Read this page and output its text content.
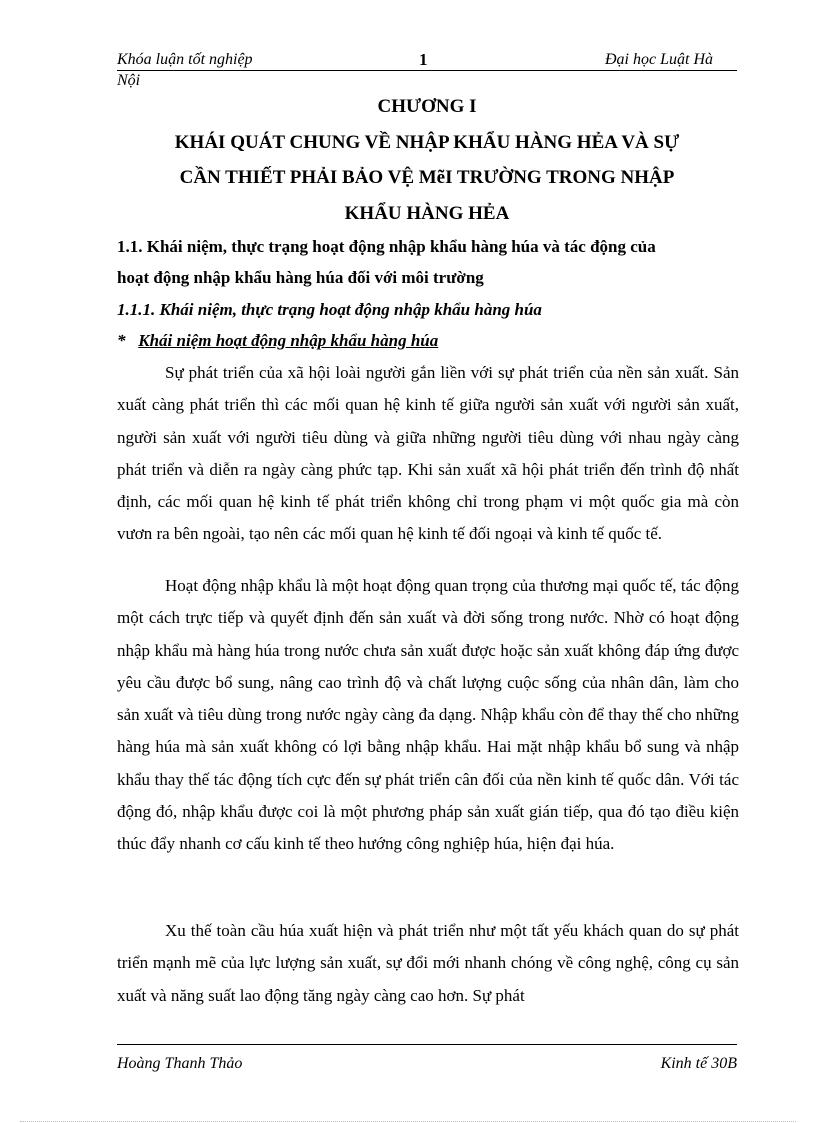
Khóa luận tốt nghiệp	1	Đại học Luật Hà
Nội
CHƯƠNG I
KHÁI QUÁT CHUNG VỀ NHẬP KHẨU HÀNG HẺA VÀ SỰ
CẦN THIẾT PHẢI BẢO VỆ MẽI TRƯỜNG TRONG NHẬP
KHẨU HÀNG HẺA
1.1. Khái niệm, thực trạng hoạt động nhập khẩu hàng húa và tác động của
hoạt động nhập khẩu hàng húa đối với môi trường
1.1.1. Khái niệm, thực trạng hoạt động nhập khẩu hàng húa
* Khái niệm hoạt động nhập khẩu hàng húa

Sự phát triển của xã hội loài người gắn liền với sự phát triển của nền sản xuất. Sản xuất càng phát triển thì các mối quan hệ kinh tế giữa người sản xuất với người sản xuất, người sản xuất với người tiêu dùng và giữa những người tiêu dùng với nhau ngày càng phát triển và diễn ra ngày càng phức tạp. Khi sản xuất xã hội phát triển đến trình độ nhất định, các mối quan hệ kinh tế phát triển không chỉ trong phạm vi một quốc gia mà còn vươn ra bên ngoài, tạo nên các mối quan hệ kinh tế đối ngoại và kinh tế quốc tế.

Hoạt động nhập khẩu là một hoạt động quan trọng của thương mại quốc tế, tác động một cách trực tiếp và quyết định đến sản xuất và đời sống trong nước. Nhờ có hoạt động nhập khẩu mà hàng húa trong nước chưa sản xuất được hoặc sản xuất không đáp ứng được yêu cầu được bổ sung, nâng cao trình độ và chất lượng cuộc sống của nhân dân, làm cho sản xuất và tiêu dùng trong nước ngày càng đa dạng. Nhập khẩu còn để thay thế cho những hàng húa mà sản xuất không có lợi bằng nhập khẩu. Hai mặt nhập khẩu bổ sung và nhập khẩu thay thế tác động tích cực đến sự phát triển cân đối của nền kinh tế quốc dân. Với tác động đó, nhập khẩu được coi là một phương pháp sản xuất gián tiếp, qua đó tạo điều kiện thúc đẩy nhanh cơ cấu kinh tế theo hướng công nghiệp húa, hiện đại húa.

Xu thế toàn cầu húa xuất hiện và phát triển như một tất yếu khách quan do sự phát triển mạnh mẽ của lực lượng sản xuất, sự đổi mới nhanh chóng về công nghệ, công cụ sản xuất và năng suất lao động tăng ngày càng cao hơn. Sự phát

Hoàng Thanh Thảo	Kinh tế 30B
